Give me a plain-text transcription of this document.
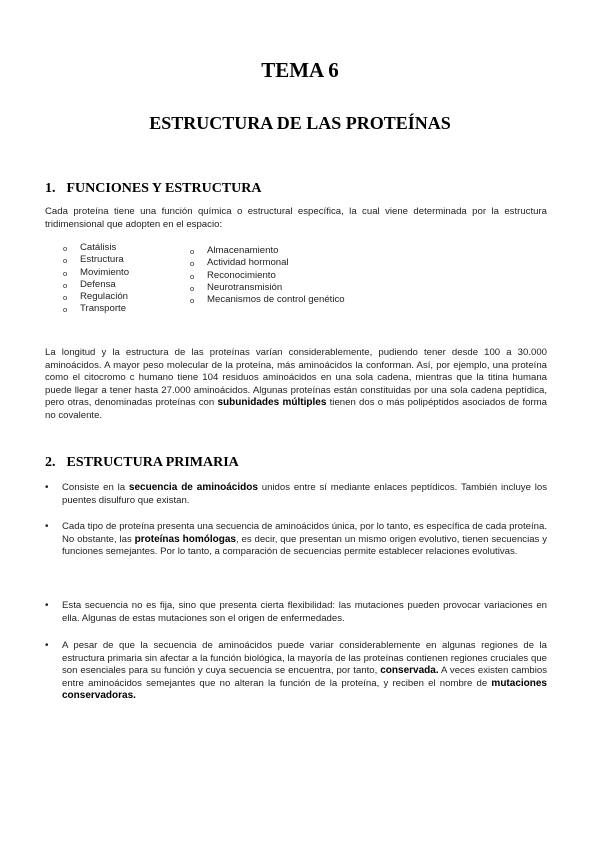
TEMA 6
ESTRUCTURA DE LAS PROTEÍNAS
1. FUNCIONES Y ESTRUCTURA

Cada proteína tiene una función química o estructural específica, la cual viene determinada por la estructura tridimensional que adopten en el espacio:

o Catálisis
o Estructura
o Movimiento
o Defensa
o Regulación
o Transporte
o Almacenamiento
o Actividad hormonal
o Reconocimiento
o Neurotransmisión
o Mecanismos de control genético

La longitud y la estructura de las proteínas varían considerablemente, pudiendo tener desde 100 a 30.000 aminoácidos. A mayor peso molecular de la proteína, más aminoácidos la conforman. Así, por ejemplo, una proteína como el citocromo c humano tiene 104 residuos aminoácidos en una sola cadena, mientras que la titina humana puede llegar a tener hasta 27.000 aminoácidos. Algunas proteínas están constituidas por una sola cadena peptídica, pero otras, denominadas proteínas con subunidades múltiples tienen dos o más polipéptidos asociados de forma no covalente.

2. ESTRUCTURA PRIMARIA
• Consiste en la secuencia de aminoácidos unidos entre sí mediante enlaces peptídicos. También incluye los puentes disulfuro que existan.
• Cada tipo de proteína presenta una secuencia de aminoácidos única, por lo tanto, es específica de cada proteína. No obstante, las proteínas homólogas, es decir, que presentan un mismo origen evolutivo, tienen secuencias y funciones semejantes. Por lo tanto, a comparación de secuencias permite establecer relaciones evolutivas.
• Esta secuencia no es fija, sino que presenta cierta flexibilidad: las mutaciones pueden provocar variaciones en ella. Algunas de estas mutaciones son el origen de enfermedades.
• A pesar de que la secuencia de aminoácidos puede variar considerablemente en algunas regiones de la estructura primaria sin afectar a la función biológica, la mayoría de las proteínas contienen regiones cruciales que son esenciales para su función y cuya secuencia se encuentra, por tanto, conservada. A veces existen cambios entre aminoácidos semejantes que no alteran la función de la proteína, y reciben el nombre de mutaciones conservadoras.
